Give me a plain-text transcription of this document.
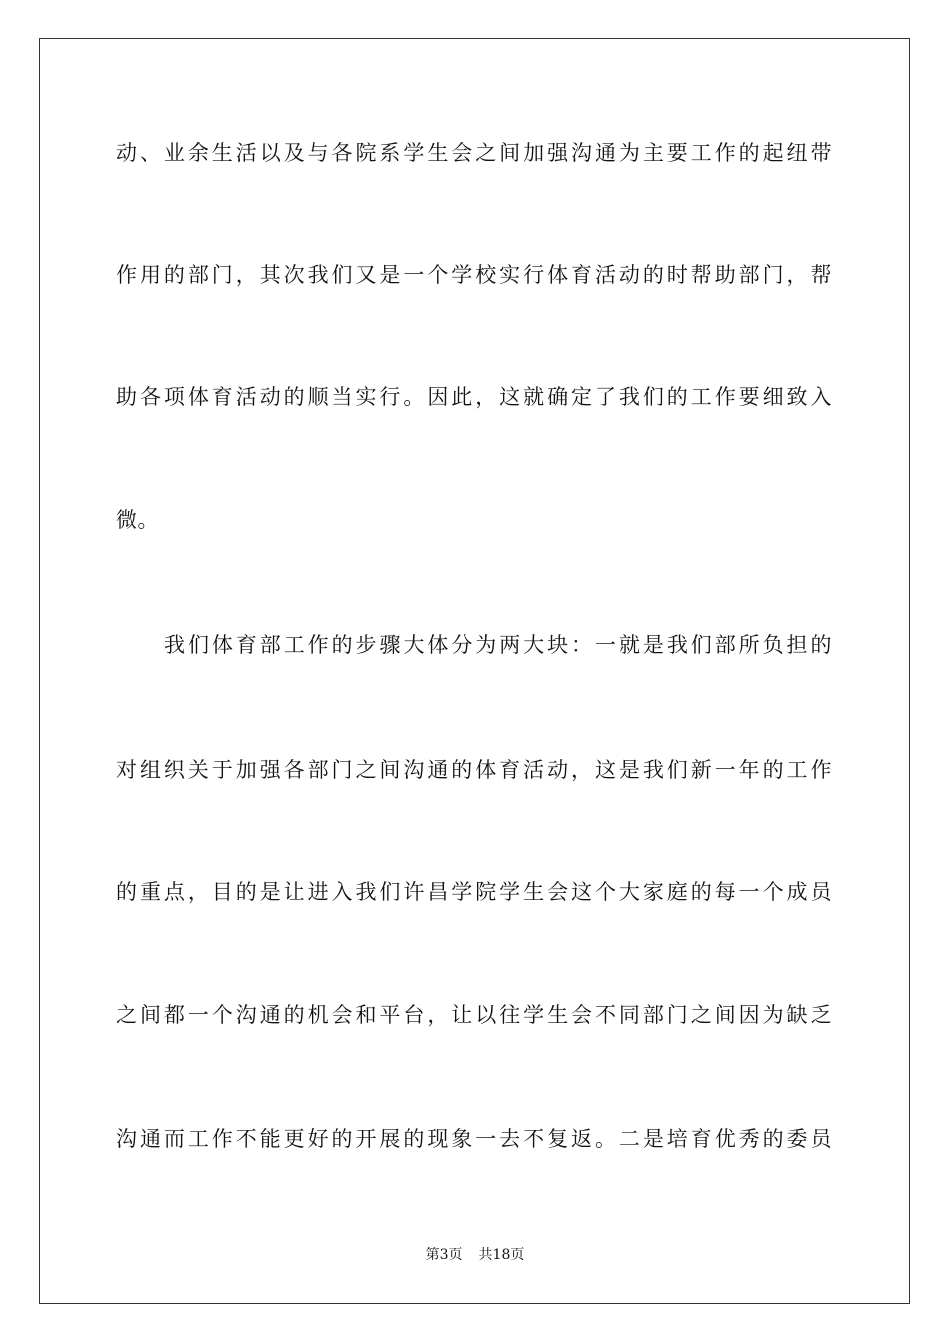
动、业余生活以及与各院系学生会之间加强沟通为主要工作的起纽带
作用的部门，其次我们又是一个学校实行体育活动的时帮助部门，帮
助各项体育活动的顺当实行。因此，这就确定了我们的工作要细致入
微。
我们体育部工作的步骤大体分为两大块：一就是我们部所负担的
对组织关于加强各部门之间沟通的体育活动，这是我们新一年的工作
的重点，目的是让进入我们许昌学院学生会这个大家庭的每一个成员
之间都一个沟通的机会和平台，让以往学生会不同部门之间因为缺乏
沟通而工作不能更好的开展的现象一去不复返。二是培育优秀的委员
第3页 共18页
